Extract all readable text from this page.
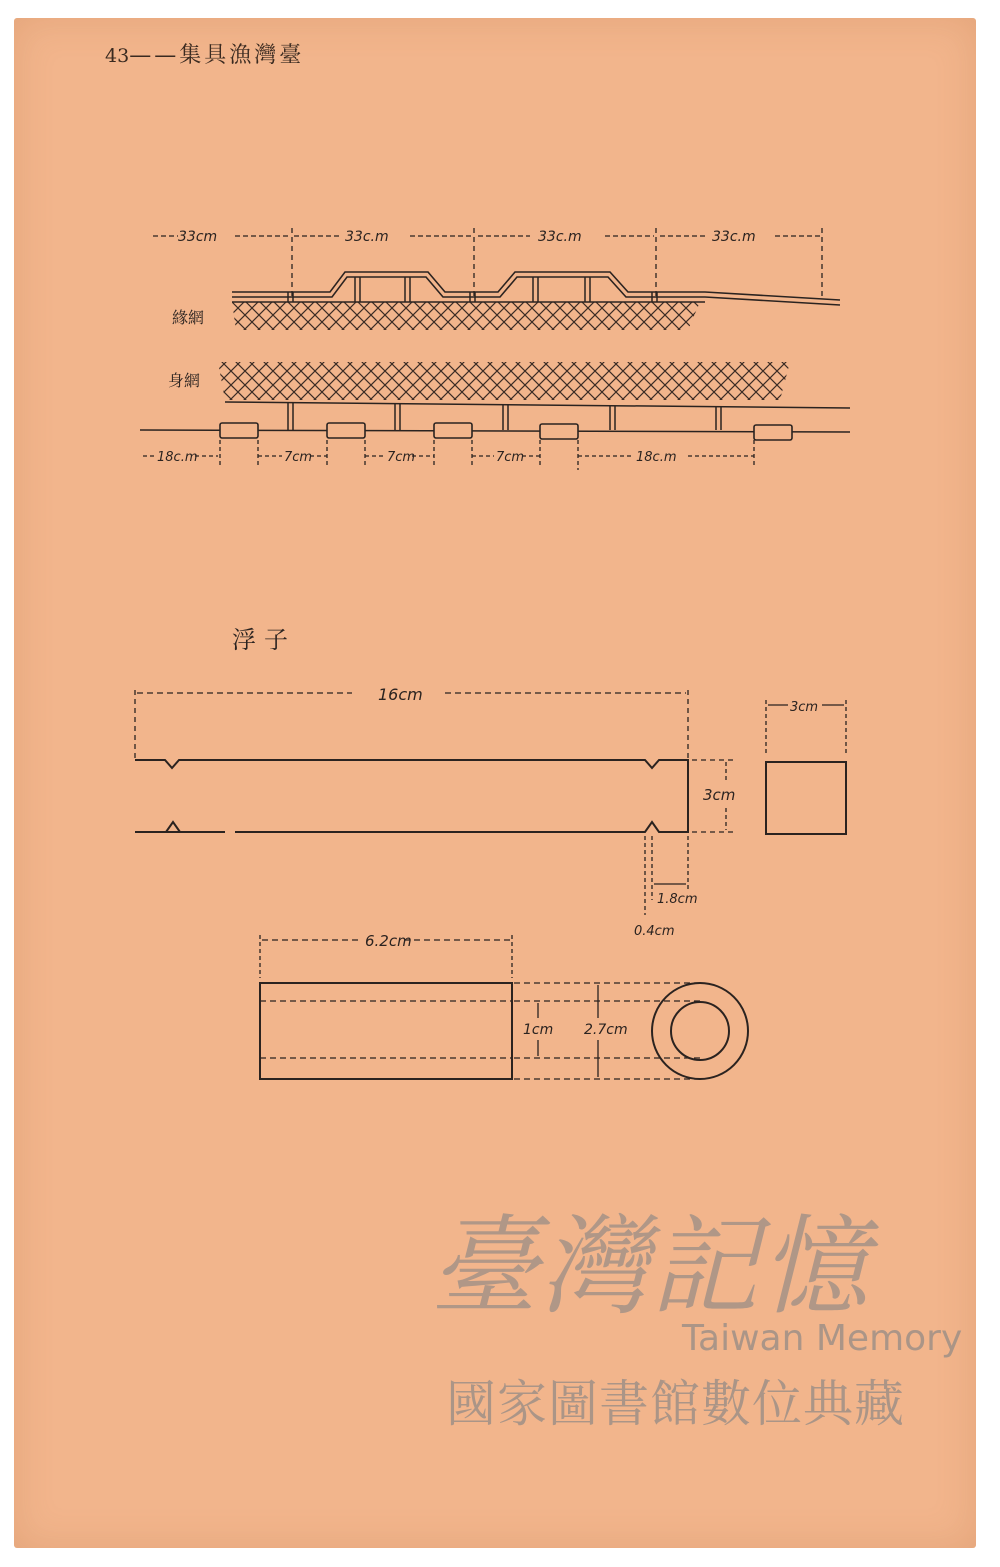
43——集具漁灣臺
33cm	33c.m	33c.m	33c.m
緣網
身網
18c.m	7cm	7cm	7cm	18c.m
浮子
16cm
3cm
1.8cm
0.4cm
3cm
6.2cm
1cm 2.7cm
臺灣記憶
Taiwan Memory
國家圖書館數位典藏
